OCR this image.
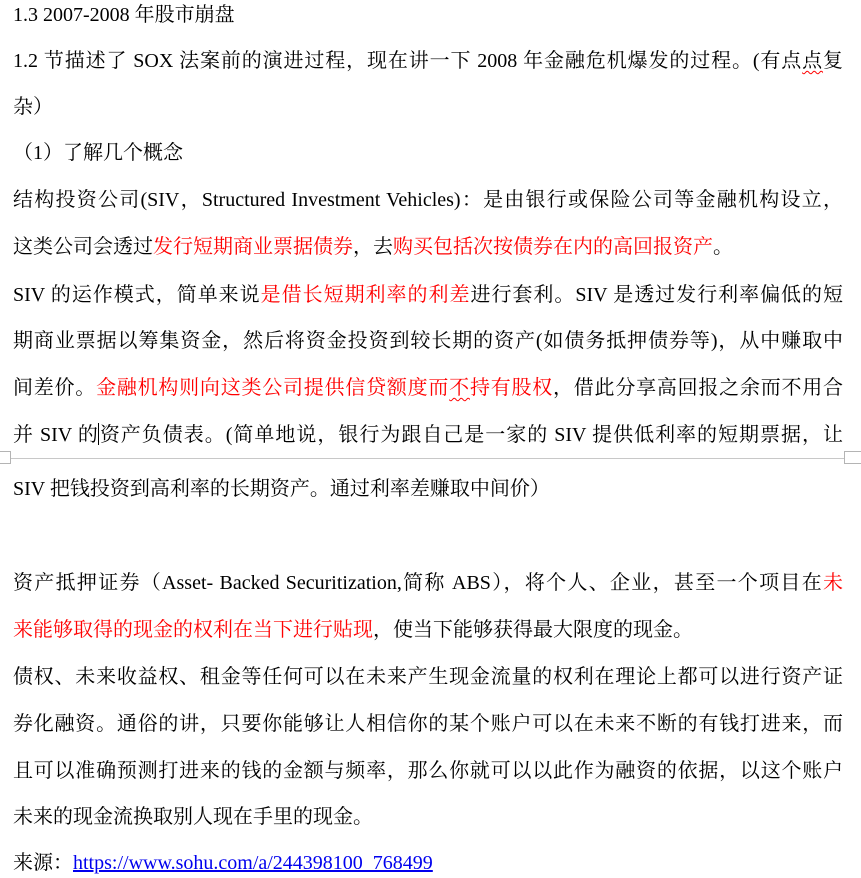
1.3 2007-2008 年股市崩盘
1.2 节描述了 SOX 法案前的演进过程，现在讲一下 2008 年金融危机爆发的过程。(有点点复
杂）
（1）了解几个概念
结构投资公司(SIV，Structured Investment Vehicles)：是由银行或保险公司等金融机构设立，
这类公司会透过发行短期商业票据债券，去购买包括次按债券在内的高回报资产。
SIV 的运作模式，简单来说是借长短期利率的利差进行套利。SIV 是透过发行利率偏低的短
期商业票据以筹集资金，然后将资金投资到较长期的资产(如债务抵押债券等)，从中赚取中
间差价。金融机构则向这类公司提供信贷额度而不持有股权，借此分享高回报之余而不用合
并 SIV 的资产负债表。(简单地说，银行为跟自己是一家的 SIV 提供低利率的短期票据，让
SIV 把钱投资到高利率的长期资产。通过利率差赚取中间价）
资产抵押证券（Asset- Backed Securitization,简称 ABS），将个人、企业，甚至一个项目在未
来能够取得的现金的权利在当下进行贴现，使当下能够获得最大限度的现金。
债权、未来收益权、租金等任何可以在未来产生现金流量的权利在理论上都可以进行资产证
券化融资。通俗的讲，只要你能够让人相信你的某个账户可以在未来不断的有钱打进来，而
且可以准确预测打进来的钱的金额与频率，那么你就可以以此作为融资的依据，以这个账户
未来的现金流换取别人现在手里的现金。
来源：https://www.sohu.com/a/244398100_768499
